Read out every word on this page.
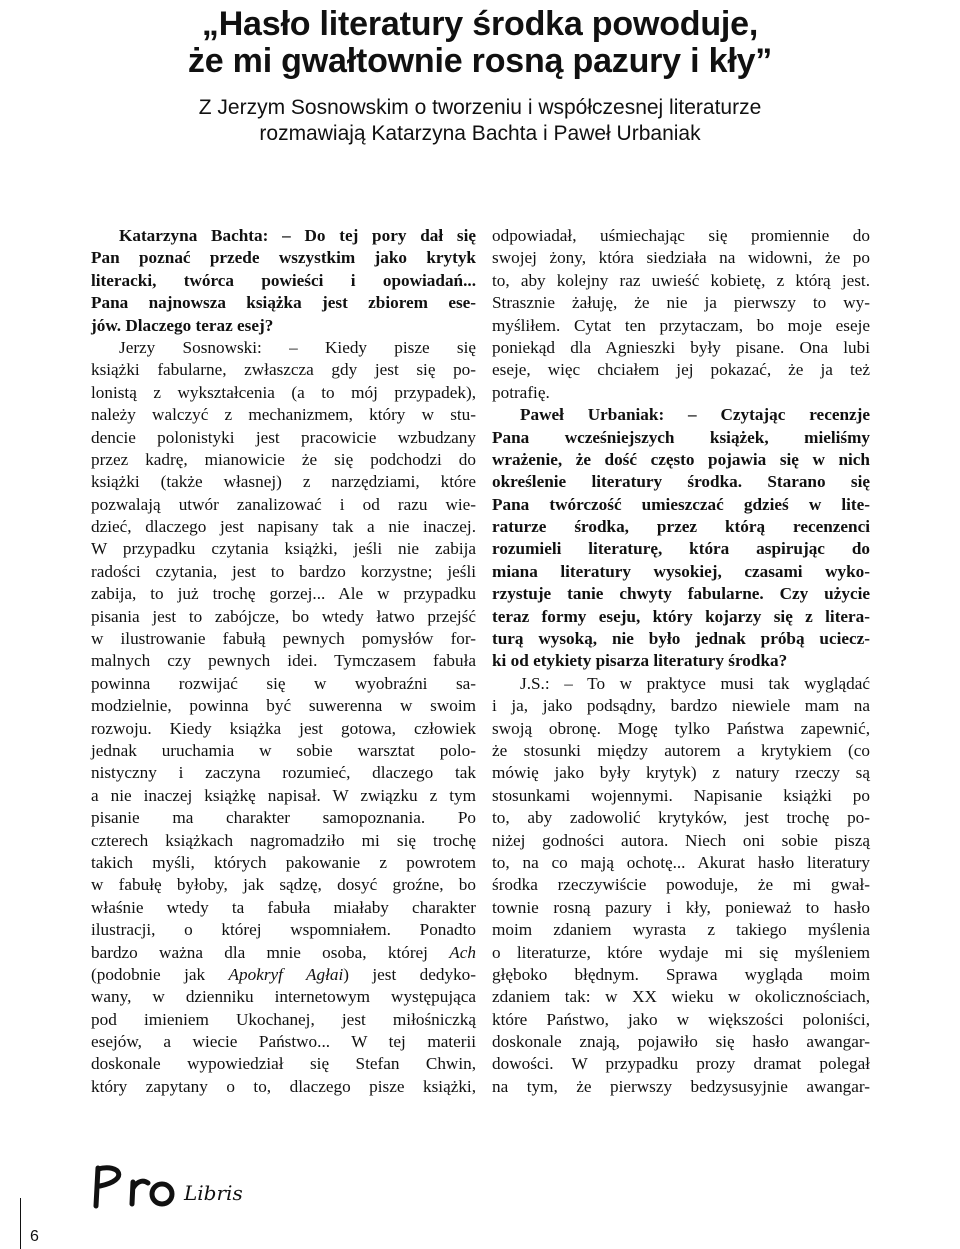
„Hasło literatury środka powoduje,
że mi gwałtownie rosną pazury i kły”
Z Jerzym Sosnowskim o tworzeniu i współczesnej literaturze
rozmawiają Katarzyna Bachta i Paweł Urbaniak
Katarzyna Bachta: – Do tej pory dał się
Pan poznać przede wszystkim jako krytyk
literacki, twórca powieści i opowiadań...
Pana najnowsza książka jest zbiorem ese-
jów. Dlaczego teraz esej?
Jerzy Sosnowski: – Kiedy pisze się
książki fabularne, zwłaszcza gdy jest się po-
lonistą z wykształcenia (a to mój przypadek),
należy walczyć z mechanizmem, który w stu-
dencie polonistyki jest pracowicie wzbudzany
przez kadrę, mianowicie że się podchodzi do
książki (także własnej) z narzędziami, które
pozwalają utwór zanalizować i od razu wie-
dzieć, dlaczego jest napisany tak a nie inaczej.
W przypadku czytania książki, jeśli nie zabija
radości czytania, jest to bardzo korzystne; jeśli
zabija, to już trochę gorzej... Ale w przypadku
pisania jest to zabójcze, bo wtedy łatwo przejść
w ilustrowanie fabułą pewnych pomysłów for-
malnych czy pewnych idei. Tymczasem fabuła
powinna rozwijać się w wyobraźni sa-
modzielnie, powinna być suwerenna w swoim
rozwoju. Kiedy książka jest gotowa, człowiek
jednak uruchamia w sobie warsztat polo-
nistyczny i zaczyna rozumieć, dlaczego tak
a nie inaczej książkę napisał. W związku z tym
pisanie ma charakter samopoznania. Po
czterech książkach nagromadziło mi się trochę
takich myśli, których pakowanie z powrotem
w fabułę byłoby, jak sądzę, dosyć groźne, bo
właśnie wtedy ta fabuła miałaby charakter
ilustracji, o której wspomniałem. Ponadto
bardzo ważna dla mnie osoba, której Ach
(podobnie jak Apokryf Agłai) jest dedyko-
wany, w dzienniku internetowym występująca
pod imieniem Ukochanej, jest miłośniczką
esejów, a wiecie Państwo... W tej materii
doskonale wypowiedział się Stefan Chwin,
który zapytany o to, dlaczego pisze książki,
odpowiadał, uśmiechając się promiennie do
swojej żony, która siedziała na widowni, że po
to, aby kolejny raz uwieść kobietę, z którą jest.
Strasznie żałuję, że nie ja pierwszy to wy-
myśliłem. Cytat ten przytaczam, bo moje eseje
poniekąd dla Agnieszki były pisane. Ona lubi
eseje, więc chciałem jej pokazać, że ja też
potrafię.
Paweł Urbaniak: – Czytając recenzje
Pana wcześniejszych książek, mieliśmy
wrażenie, że dość często pojawia się w nich
określenie literatury środka. Starano się
Pana twórczość umieszczać gdzieś w lite-
raturze środka, przez którą recenzenci
rozumieli literaturę, która aspirując do
miana literatury wysokiej, czasami wyko-
rzystuje tanie chwyty fabularne. Czy użycie
teraz formy eseju, który kojarzy się z litera-
turą wysoką, nie było jednak próbą uciecz-
ki od etykiety pisarza literatury środka?
J.S.: – To w praktyce musi tak wyglądać
i ja, jako podsądny, bardzo niewiele mam na
swoją obronę. Mogę tylko Państwa zapewnić,
że stosunki między autorem a krytykiem (co
mówię jako były krytyk) z natury rzeczy są
stosunkami wojennymi. Napisanie książki po
to, aby zadowolić krytyków, jest trochę po-
niżej godności autora. Niech oni sobie piszą
to, na co mają ochotę... Akurat hasło literatury
środka rzeczywiście powoduje, że mi gwał-
townie rosną pazury i kły, ponieważ to hasło
moim zdaniem wyrasta z takiego myślenia
o literaturze, które wydaje mi się myśleniem
głęboko błędnym. Sprawa wygląda moim
zdaniem tak: w XX wieku w okolicznościach,
które Państwo, jako w większości poloniści,
doskonale znają, pojawiło się hasło awangar-
dowości. W przypadku prozy dramat polegał
na tym, że pierwszy bedzysusyjnie awangar-
Libris
6
